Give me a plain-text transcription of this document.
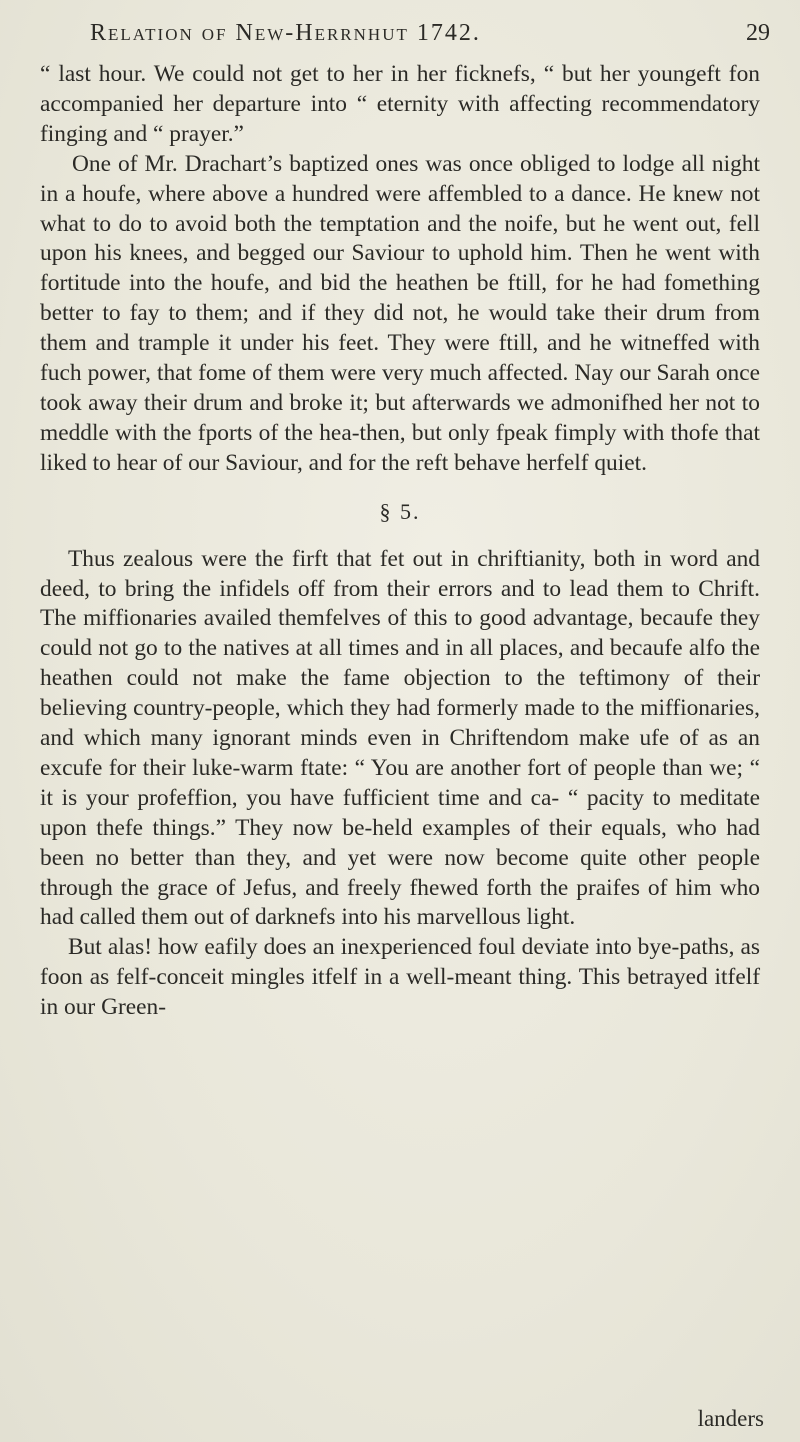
Relation of New-Herrnhut 1742.	29

“ last hour. We could not get to her in her ficknefs, “ but her youngeft fon accompanied her departure into “ eternity with affecting recommendatory finging and “ prayer.”

One of Mr. Drachart’s baptized ones was once obliged to lodge all night in a houfe, where above a hundred were affembled to a dance. He knew not what to do to avoid both the temptation and the noife, but he went out, fell upon his knees, and begged our Saviour to uphold him. Then he went with fortitude into the houfe, and bid the heathen be ftill, for he had fomething better to fay to them; and if they did not, he would take their drum from them and trample it under his feet. They were ftill, and he witneffed with fuch power, that fome of them were very much affected. Nay our Sarah once took away their drum and broke it; but afterwards we admonifhed her not to meddle with the fports of the hea-then, but only fpeak fimply with thofe that liked to hear of our Saviour, and for the reft behave herfelf quiet.

§ 5.

Thus zealous were the firft that fet out in chriftianity, both in word and deed, to bring the infidels off from their errors and to lead them to Chrift. The miffionaries availed themfelves of this to good advantage, becaufe they could not go to the natives at all times and in all places, and becaufe alfo the heathen could not make the fame objection to the teftimony of their believing country-people, which they had formerly made to the miffionaries, and which many ignorant minds even in Chriftendom make ufe of as an excufe for their luke-warm ftate: “ You are another fort of people than we; “ it is your profeffion, you have fufficient time and ca- “ pacity to meditate upon thefe things.” They now be-held examples of their equals, who had been no better than they, and yet were now become quite other people through the grace of Jefus, and freely fhewed forth the praifes of him who had called them out of darknefs into his marvellous light.

But alas! how eafily does an inexperienced foul deviate into bye-paths, as foon as felf-conceit mingles itfelf in a well-meant thing. This betrayed itfelf in our Green-

landers
